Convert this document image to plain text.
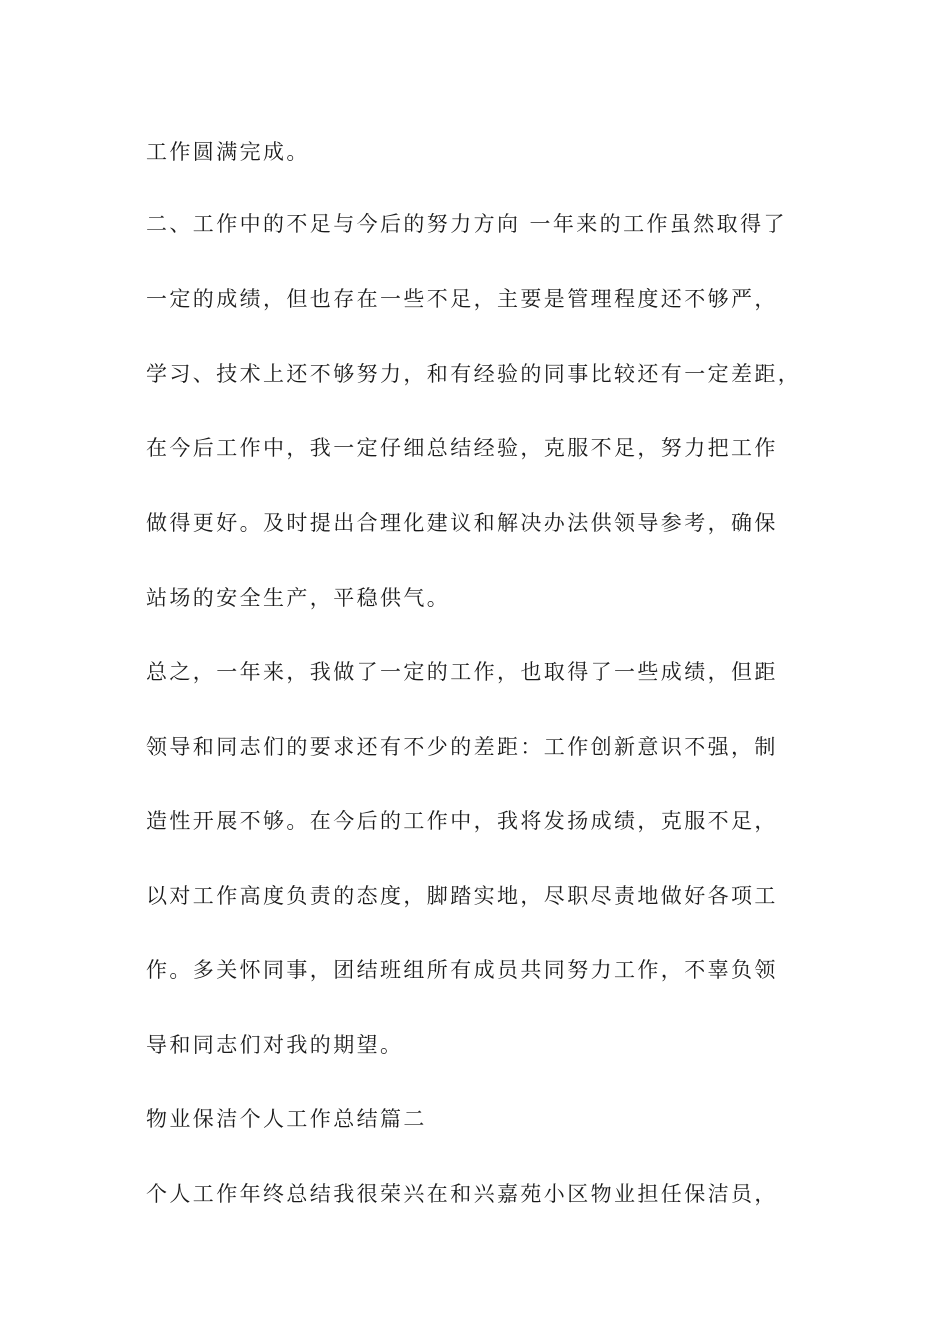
工作圆满完成。
二、工作中的不足与今后的努力方向 一年来的工作虽然取得了
一定的成绩，但也存在一些不足，主要是管理程度还不够严，
学习、技术上还不够努力，和有经验的同事比较还有一定差距，
在今后工作中，我一定仔细总结经验，克服不足，努力把工作
做得更好。及时提出合理化建议和解决办法供领导参考，确保
站场的安全生产，平稳供气。
总之，一年来，我做了一定的工作，也取得了一些成绩，但距
领导和同志们的要求还有不少的差距：工作创新意识不强，制
造性开展不够。在今后的工作中，我将发扬成绩，克服不足，
以对工作高度负责的态度，脚踏实地，尽职尽责地做好各项工
作。多关怀同事，团结班组所有成员共同努力工作，不辜负领
导和同志们对我的期望。
物业保洁个人工作总结篇二
个人工作年终总结我很荣兴在和兴嘉苑小区物业担任保洁员，
